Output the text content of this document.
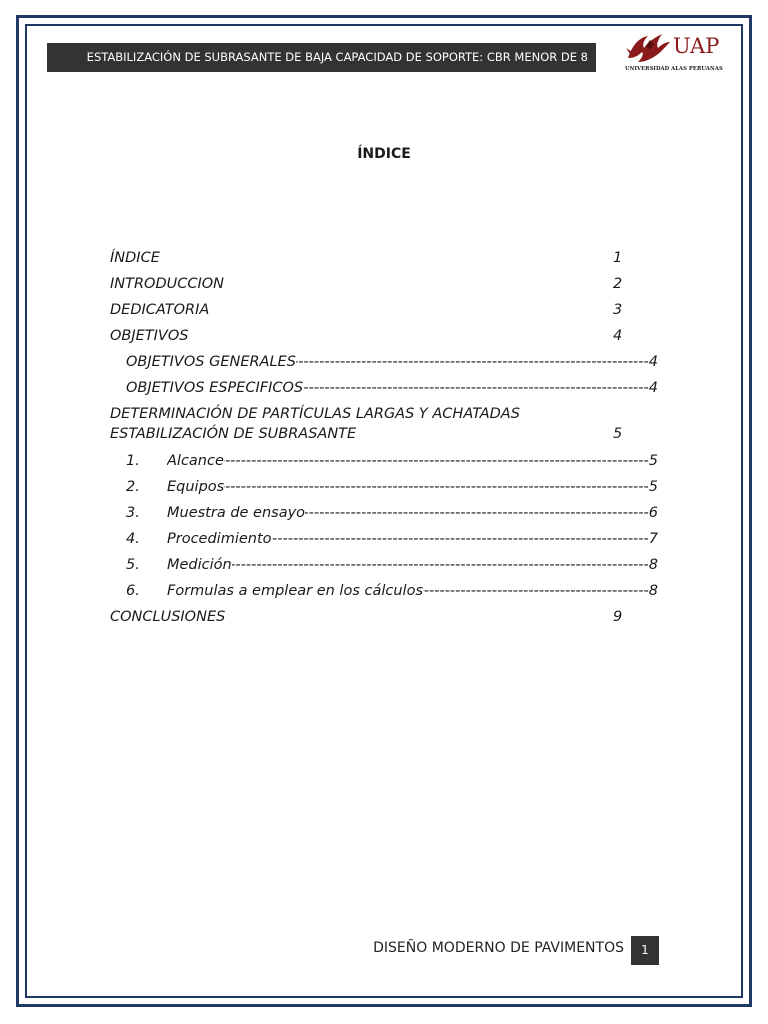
ESTABILIZACIÓN DE SUBRASANTE DE BAJA CAPACIDAD DE SOPORTE: CBR MENOR DE 8	UAP
UNIVERSIDAD ALAS PERUANAS
ÍNDICE
ÍNDICE	1
INTRODUCCION	2
DEDICATORIA	3
OBJETIVOS	4
OBJETIVOS GENERALES -----	4
OBJETIVOS ESPECIFICOS -----	4
DETERMINACIÓN DE PARTÍCULAS LARGAS Y ACHATADAS
ESTABILIZACIÓN DE SUBRASANTE	5
1.	Alcance -----	5
2.	Equipos -----	5
3.	Muestra de ensayo -----	6
4.	Procedimiento -----	7
5.	Medición -----	8
6.	Formulas a emplear en los cálculos -----	8
CONCLUSIONES	9
DISEÑO MODERNO DE PAVIMENTOS	1
